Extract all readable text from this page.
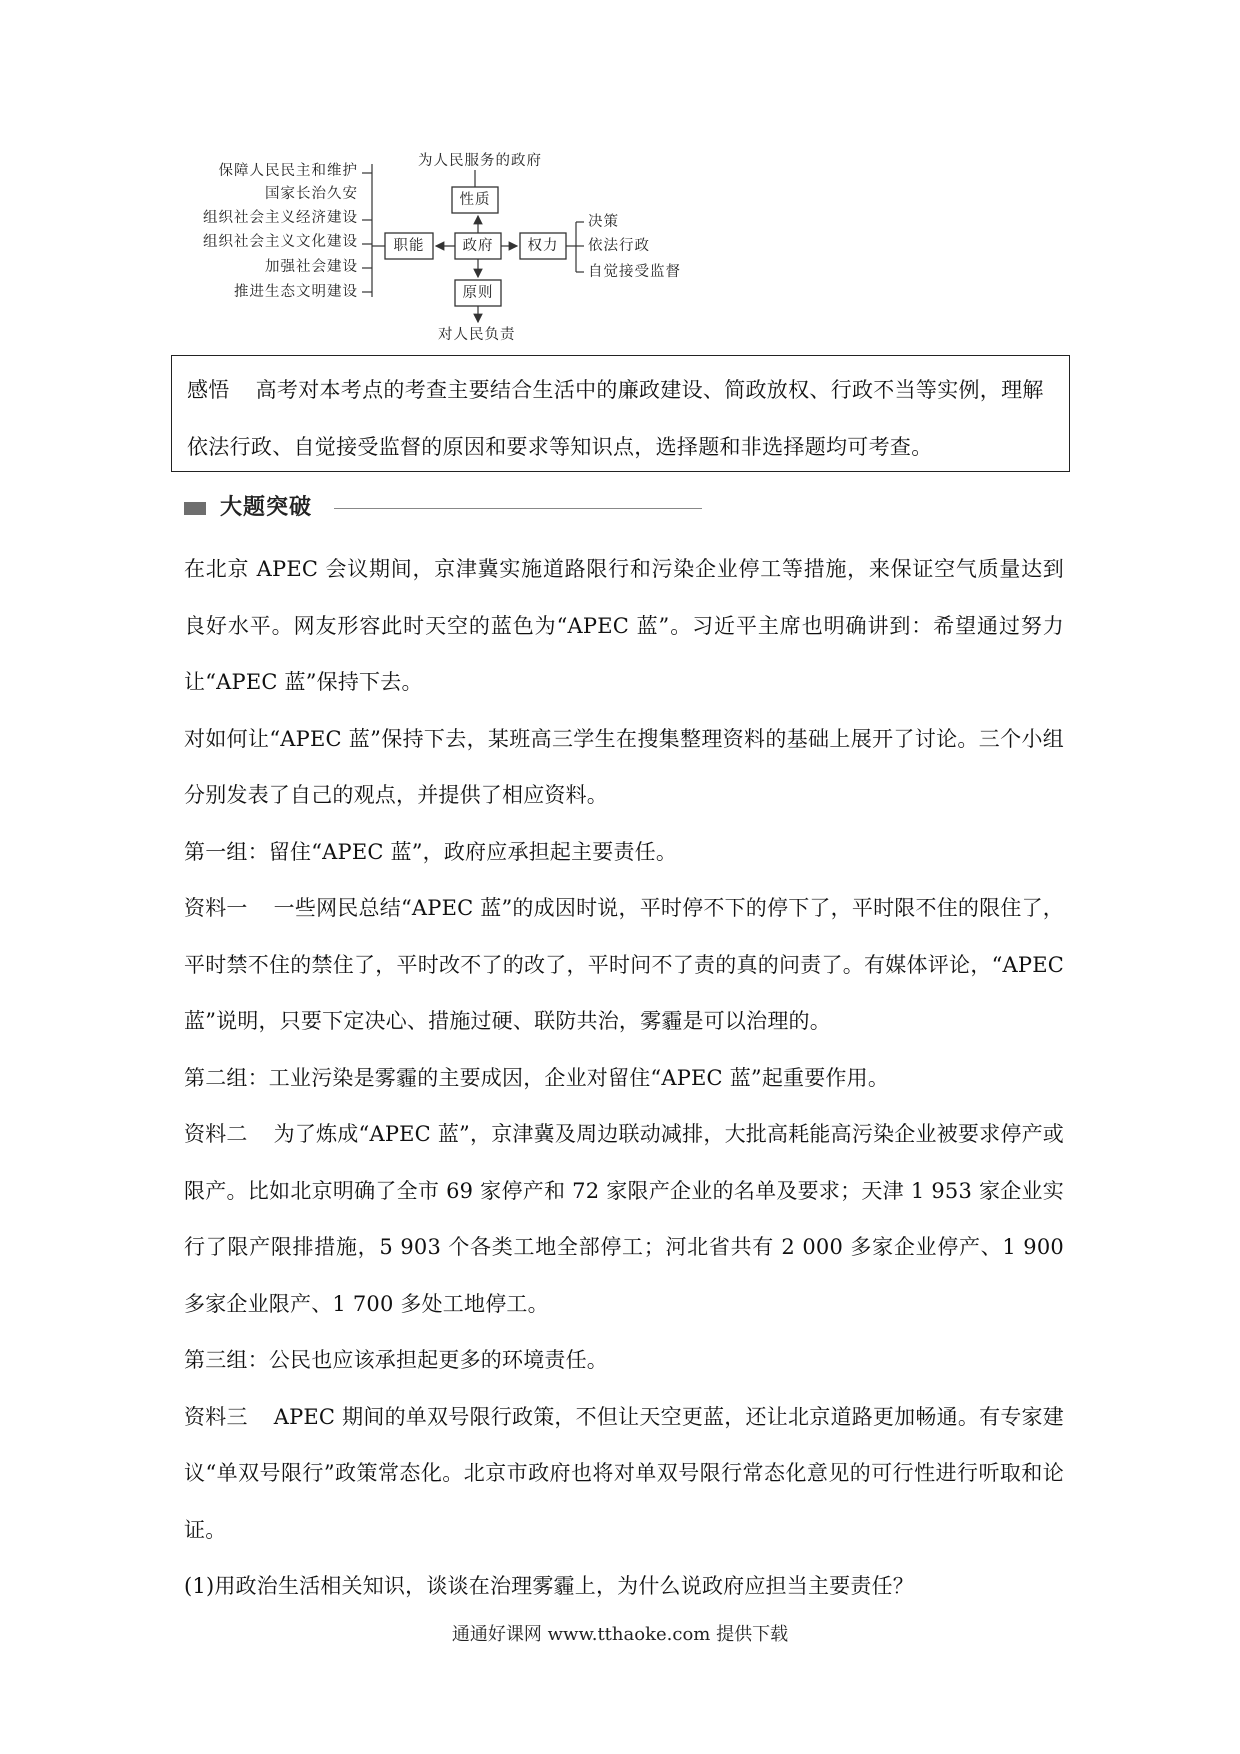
保障人民民主和维护
国家长治久安
组织社会主义经济建设
组织社会主义文化建设
加强社会建设
推进生态文明建设
职能	政府
性质
权力
原则
为人民服务的政府
对人民负责
决策
依法行政
自觉接受监督
感悟 高考对本考点的考查主要结合生活中的廉政建设、简政放权、行政不当等实例，理解依法行政、自觉接受监督的原因和要求等知识点，选择题和非选择题均可考查。
大题突破

在北京 APEC 会议期间，京津冀实施道路限行和污染企业停工等措施，来保证空气质量达到良好水平。网友形容此时天空的蓝色为“APEC 蓝”。习近平主席也明确讲到：希望通过努力让“APEC 蓝”保持下去。

对如何让“APEC 蓝”保持下去，某班高三学生在搜集整理资料的基础上展开了讨论。三个小组分别发表了自己的观点，并提供了相应资料。

第一组：留住“APEC 蓝”，政府应承担起主要责任。

资料一 一些网民总结“APEC 蓝”的成因时说，平时停不下的停下了，平时限不住的限住了，平时禁不住的禁住了，平时改不了的改了，平时问不了责的真的问责了。有媒体评论，“APEC 蓝”说明，只要下定决心、措施过硬、联防共治，雾霾是可以治理的。

第二组：工业污染是雾霾的主要成因，企业对留住“APEC 蓝”起重要作用。

资料二 为了炼成“APEC 蓝”，京津冀及周边联动减排，大批高耗能高污染企业被要求停产或限产。比如北京明确了全市 69 家停产和 72 家限产企业的名单及要求；天津 1 953 家企业实行了限产限排措施，5 903 个各类工地全部停工；河北省共有 2 000 多家企业停产、1 900 多家企业限产、1 700 多处工地停工。

第三组：公民也应该承担起更多的环境责任。

资料三 APEC 期间的单双号限行政策，不但让天空更蓝，还让北京道路更加畅通。有专家建议“单双号限行”政策常态化。北京市政府也将对单双号限行常态化意见的可行性进行听取和论证。

(1)用政治生活相关知识，谈谈在治理雾霾上，为什么说政府应担当主要责任？

通通好课网 www.tthaoke.com 提供下载
